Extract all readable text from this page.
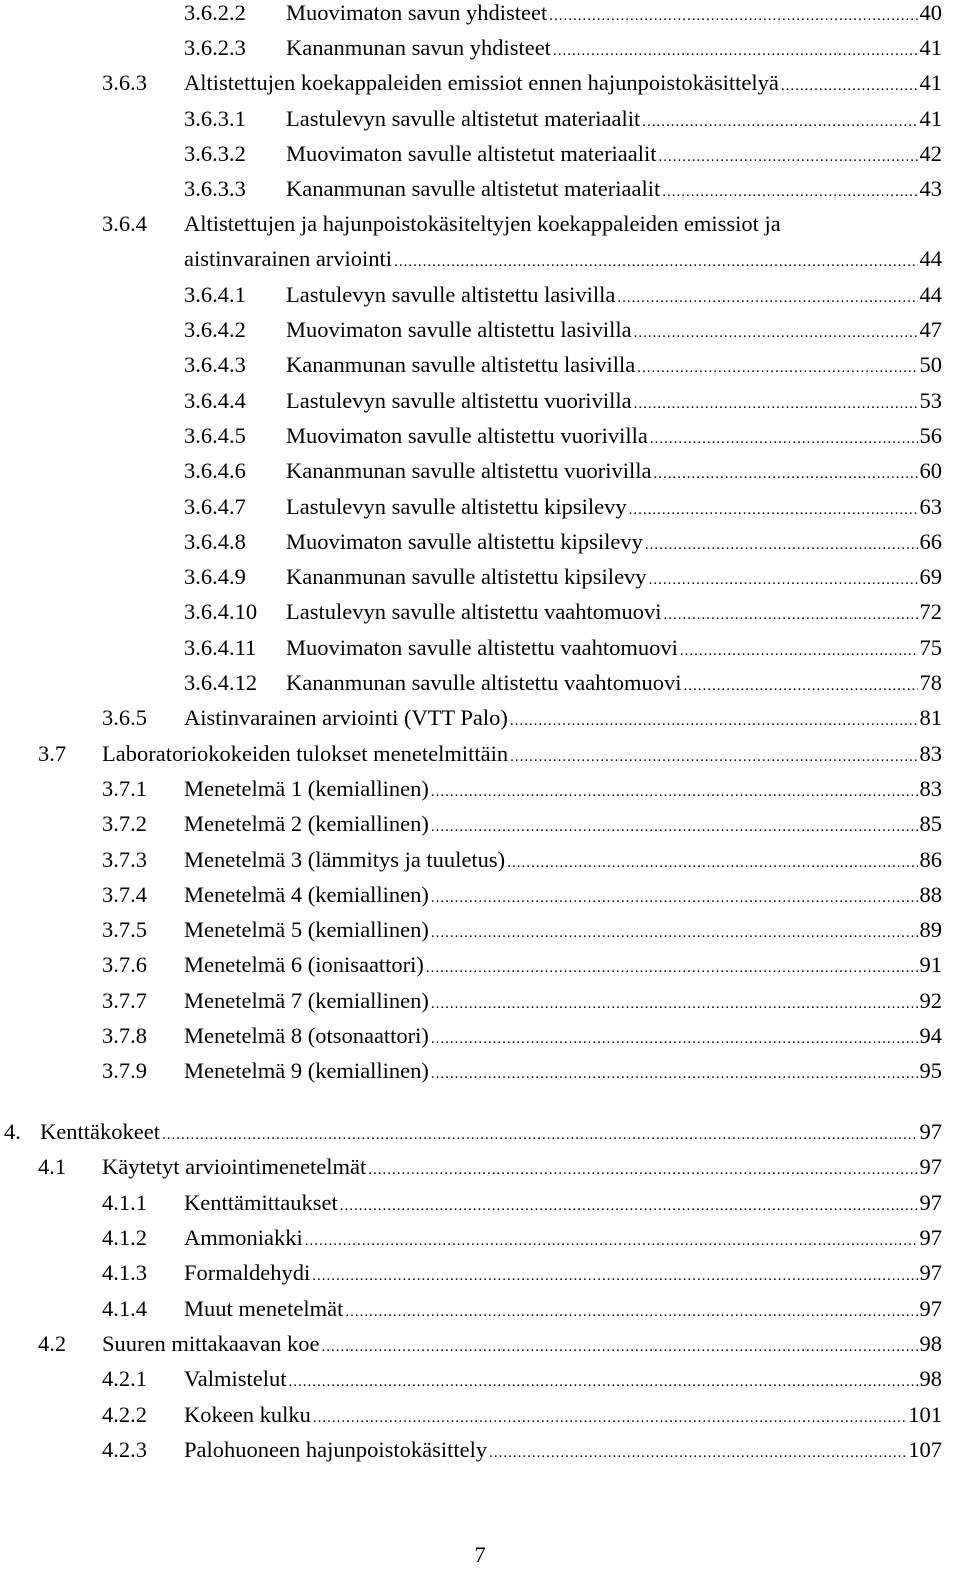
3.6.2.2 Muovimaton savun yhdisteet .....	40
3.6.2.3 Kananmunan savun yhdisteet .....	41
3.6.3 Altistettujen koekappaleiden emissiot ennen hajunpoistokäsittelyä .....	41
3.6.3.1 Lastulevyn savulle altistetut materiaalit .....	41
3.6.3.2 Muovimaton savulle altistetut materiaalit .....	42
3.6.3.3 Kananmunan savulle altistetut materiaalit .....	43
3.6.4 Altistettujen ja hajunpoistokäsiteltyjen koekappaleiden emissiot ja
aistinvarainen arviointi .....	44
3.6.4.1 Lastulevyn savulle altistettu lasivilla .....	44
3.6.4.2 Muovimaton savulle altistettu lasivilla .....	47
3.6.4.3 Kananmunan savulle altistettu lasivilla .....	50
3.6.4.4 Lastulevyn savulle altistettu vuorivilla .....	53
3.6.4.5 Muovimaton savulle altistettu vuorivilla .....	56
3.6.4.6 Kananmunan savulle altistettu vuorivilla .....	60
3.6.4.7 Lastulevyn savulle altistettu kipsilevy .....	63
3.6.4.8 Muovimaton savulle altistettu kipsilevy .....	66
3.6.4.9 Kananmunan savulle altistettu kipsilevy .....	69
3.6.4.10 Lastulevyn savulle altistettu vaahtomuovi .....	72
3.6.4.11 Muovimaton savulle altistettu vaahtomuovi .....	75
3.6.4.12 Kananmunan savulle altistettu vaahtomuovi .....	78
3.6.5 Aistinvarainen arviointi (VTT Palo) .....	81
3.7 Laboratoriokokeiden tulokset menetelmittäin .....	83
3.7.1 Menetelmä 1 (kemiallinen) .....	83
3.7.2 Menetelmä 2 (kemiallinen) .....	85
3.7.3 Menetelmä 3 (lämmitys ja tuuletus) .....	86
3.7.4 Menetelmä 4 (kemiallinen) .....	88
3.7.5 Menetelmä 5 (kemiallinen) .....	89
3.7.6 Menetelmä 6 (ionisaattori) .....	91
3.7.7 Menetelmä 7 (kemiallinen) .....	92
3.7.8 Menetelmä 8 (otsonaattori) .....	94
3.7.9 Menetelmä 9 (kemiallinen) .....	95
4. Kenttäkokeet .....	97
4.1 Käytetyt arviointimenetelmät .....	97
4.1.1 Kenttämittaukset .....	97
4.1.2 Ammoniakki .....	97
4.1.3 Formaldehydi .....	97
4.1.4 Muut menetelmät .....	97
4.2 Suuren mittakaavan koe .....	98
4.2.1 Valmistelut .....	98
4.2.2 Kokeen kulku .....	101
4.2.3 Palohuoneen hajunpoistokäsittely .....	107
7
